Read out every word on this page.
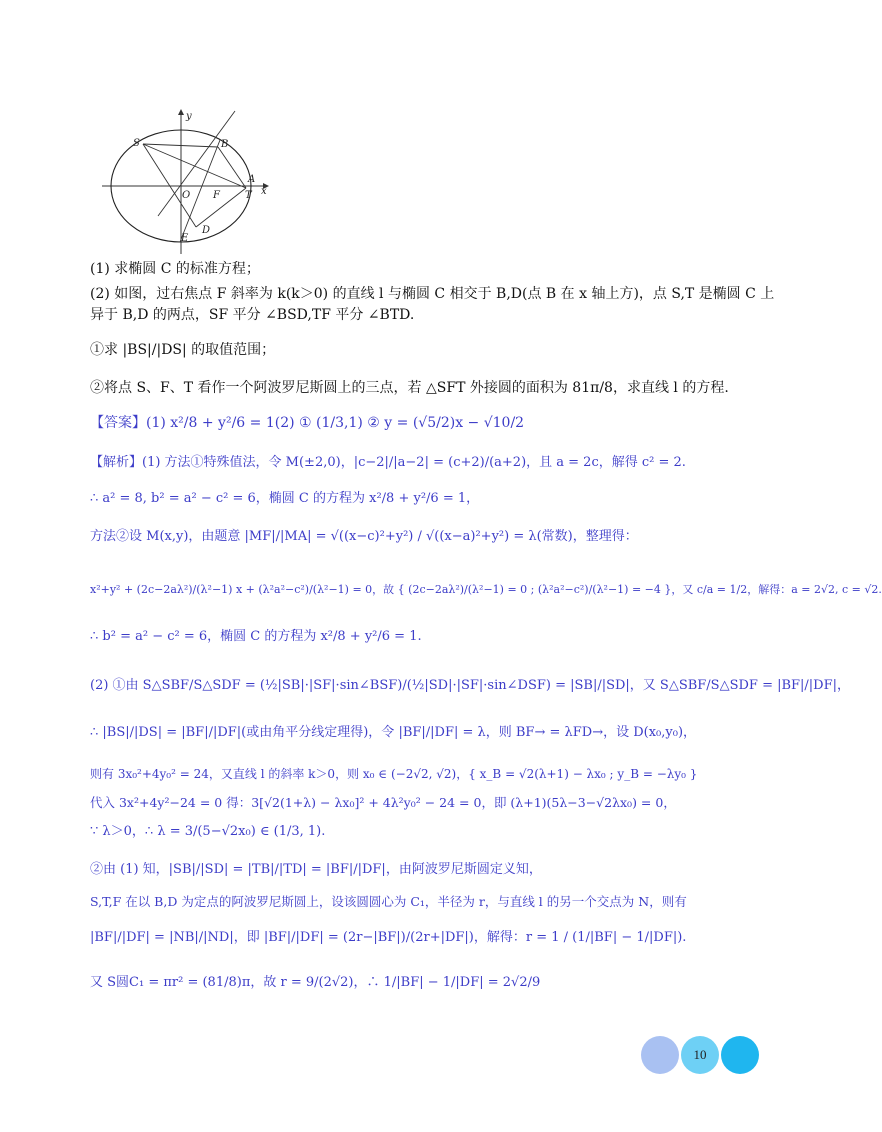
S	B
A
T x
y
O F
E
D
(1) 求椭圆 C 的标准方程；
(2) 如图，过右焦点 F 斜率为 k(k＞0) 的直线 l 与椭圆 C 相交于 B,D(点 B 在 x 轴上方)，点 S,T 是椭圆 C 上
异于 B,D 的两点，SF 平分 ∠BSD,TF 平分 ∠BTD.
①求 |BS|/|DS| 的取值范围；
②将点 S、F、T 看作一个阿波罗尼斯圆上的三点，若 △SFT 外接圆的面积为 81π/8，求直线 l 的方程.
【答案】(1) x²/8 + y²/6 = 1(2) ① (1/3,1) ② y = (√5/2)x − √10/2
【解析】(1) 方法①特殊值法，令 M(±2,0)，|c−2|/|a−2| = (c+2)/(a+2)，且 a = 2c，解得 c² = 2.
∴ a² = 8, b² = a² − c² = 6，椭圆 C 的方程为 x²/8 + y²/6 = 1，
方法②设 M(x,y)，由题意 |MF|/|MA| = √((x−c)²+y²) / √((x−a)²+y²) = λ(常数)，整理得：
x²+y² + (2c−2aλ²)/(λ²−1) x + (λ²a²−c²)/(λ²−1) = 0，故 { (2c−2aλ²)/(λ²−1) = 0 ; (λ²a²−c²)/(λ²−1) = −4 }，又 c/a = 1/2，解得：a = 2√2, c = √2.
∴ b² = a² − c² = 6，椭圆 C 的方程为 x²/8 + y²/6 = 1.
(2) ①由 S△SBF/S△SDF = (½|SB|·|SF|·sin∠BSF)/(½|SD|·|SF|·sin∠DSF) = |SB|/|SD|，又 S△SBF/S△SDF = |BF|/|DF|，
∴ |BS|/|DS| = |BF|/|DF|(或由角平分线定理得)，令 |BF|/|DF| = λ，则 BF→ = λFD→，设 D(x₀,y₀)，
则有 3x₀²+4y₀² = 24，又直线 l 的斜率 k＞0，则 x₀ ∈ (−2√2, √2)，{ x_B = √2(λ+1) − λx₀ ; y_B = −λy₀ }
代入 3x²+4y²−24 = 0 得：3[√2(1+λ) − λx₀]² + 4λ²y₀² − 24 = 0，即 (λ+1)(5λ−3−√2λx₀) = 0，
∵ λ＞0，∴ λ = 3/(5−√2x₀) ∈ (1/3, 1).
②由 (1) 知，|SB|/|SD| = |TB|/|TD| = |BF|/|DF|，由阿波罗尼斯圆定义知，
S,T,F 在以 B,D 为定点的阿波罗尼斯圆上，设该圆圆心为 C₁，半径为 r，与直线 l 的另一个交点为 N，则有
|BF|/|DF| = |NB|/|ND|，即 |BF|/|DF| = (2r−|BF|)/(2r+|DF|)，解得：r = 1 / (1/|BF| − 1/|DF|).
又 S圆C₁ = πr² = (81/8)π，故 r = 9/(2√2)，∴ 1/|BF| − 1/|DF| = 2√2/9
10
